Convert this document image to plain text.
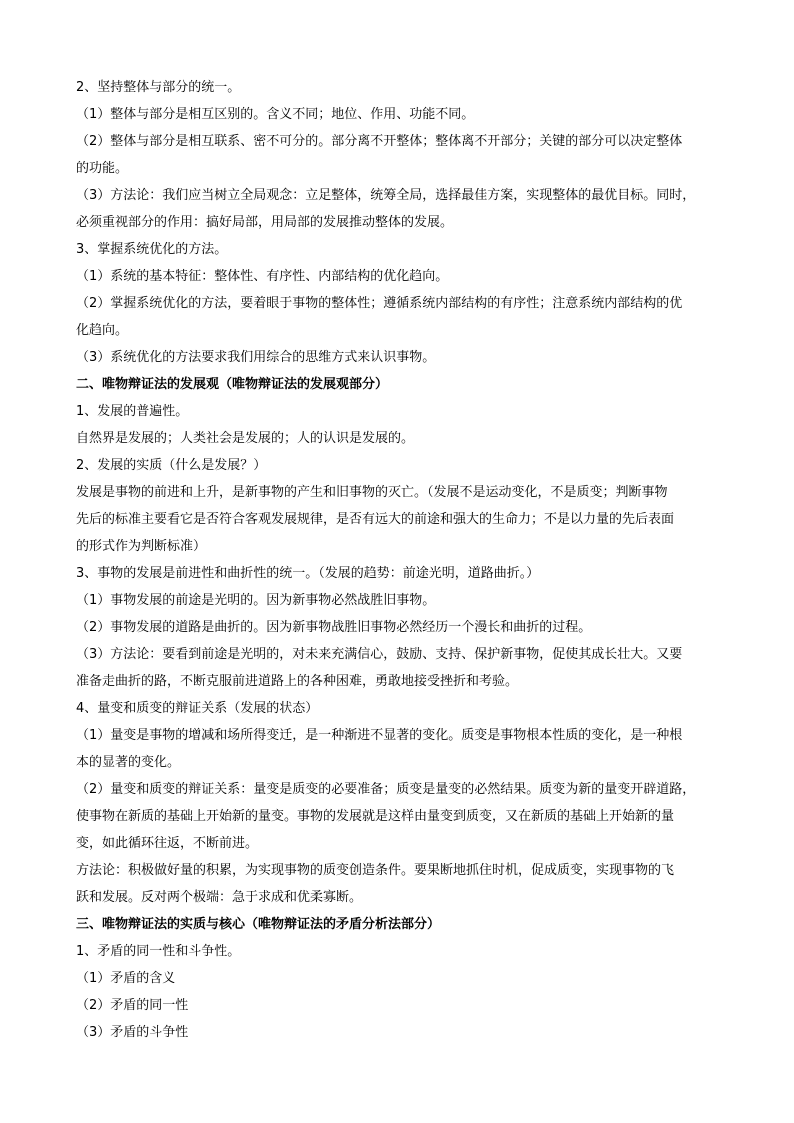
2、坚持整体与部分的统一。
（1）整体与部分是相互区别的。含义不同；地位、作用、功能不同。
（2）整体与部分是相互联系、密不可分的。部分离不开整体；整体离不开部分；关键的部分可以决定整体
的功能。
（3）方法论：我们应当树立全局观念：立足整体，统筹全局，选择最佳方案，实现整体的最优目标。同时，
必须重视部分的作用：搞好局部，用局部的发展推动整体的发展。
3、掌握系统优化的方法。
（1）系统的基本特征：整体性、有序性、内部结构的优化趋向。
（2）掌握系统优化的方法，要着眼于事物的整体性；遵循系统内部结构的有序性；注意系统内部结构的优
化趋向。
（3）系统优化的方法要求我们用综合的思维方式来认识事物。
二、唯物辩证法的发展观（唯物辩证法的发展观部分）
1、发展的普遍性。
自然界是发展的；人类社会是发展的；人的认识是发展的。
2、发展的实质（什么是发展？）
发展是事物的前进和上升，是新事物的产生和旧事物的灭亡。（发展不是运动变化，不是质变；判断事物
先后的标准主要看它是否符合客观发展规律，是否有远大的前途和强大的生命力；不是以力量的先后表面
的形式作为判断标准）
3、事物的发展是前进性和曲折性的统一。（发展的趋势：前途光明，道路曲折。）
（1）事物发展的前途是光明的。因为新事物必然战胜旧事物。
（2）事物发展的道路是曲折的。因为新事物战胜旧事物必然经历一个漫长和曲折的过程。
（3）方法论：要看到前途是光明的，对未来充满信心，鼓励、支持、保护新事物，促使其成长壮大。又要
准备走曲折的路，不断克服前进道路上的各种困难，勇敢地接受挫折和考验。
4、量变和质变的辩证关系（发展的状态）
（1）量变是事物的增减和场所得变迁，是一种渐进不显著的变化。质变是事物根本性质的变化，是一种根
本的显著的变化。
（2）量变和质变的辩证关系：量变是质变的必要准备；质变是量变的必然结果。质变为新的量变开辟道路，
使事物在新质的基础上开始新的量变。事物的发展就是这样由量变到质变，又在新质的基础上开始新的量
变，如此循环往返，不断前进。
方法论：积极做好量的积累，为实现事物的质变创造条件。要果断地抓住时机，促成质变，实现事物的飞
跃和发展。反对两个极端：急于求成和优柔寡断。
三、唯物辩证法的实质与核心（唯物辩证法的矛盾分析法部分）
1、矛盾的同一性和斗争性。
（1）矛盾的含义
（2）矛盾的同一性
（3）矛盾的斗争性
